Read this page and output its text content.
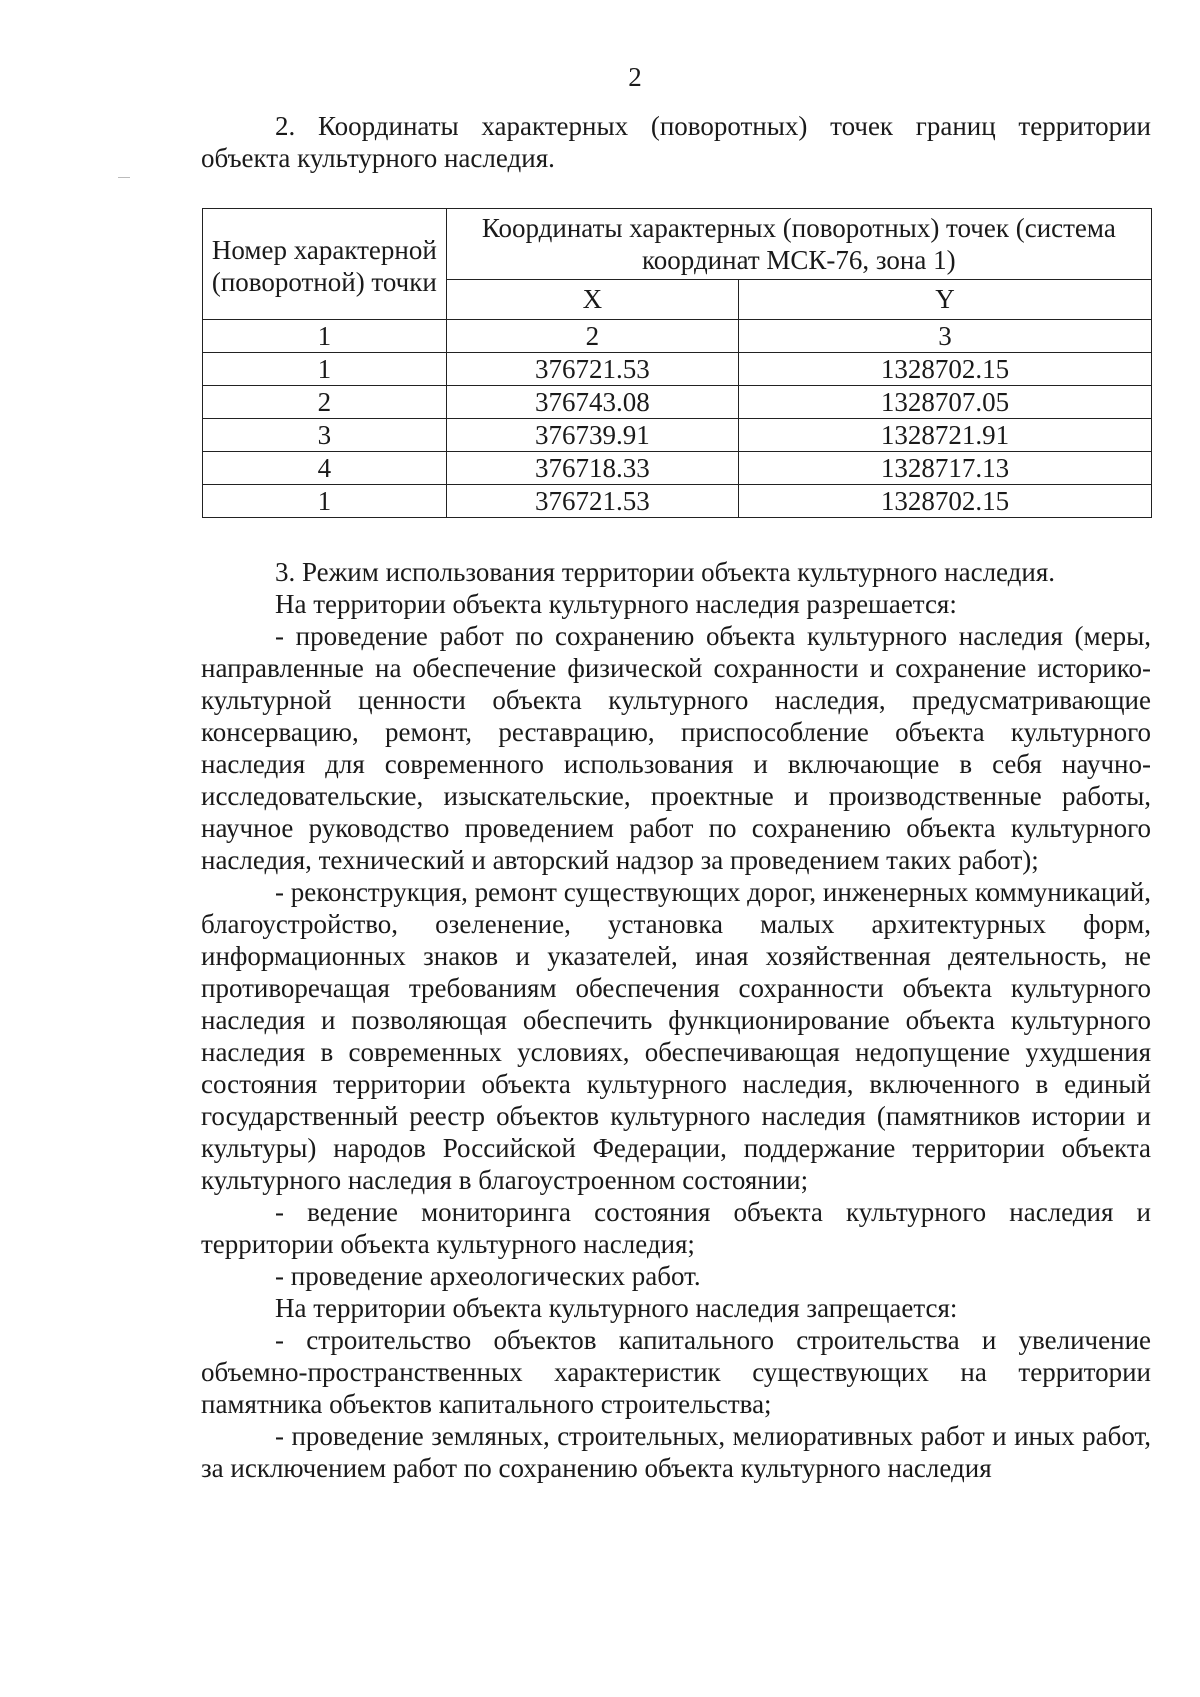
2

2. Координаты характерных (поворотных) точек границ территории объекта культурного наследия.

Номер характерной (поворотной) точки	Координаты характерных (поворотных) точек (система координат МСК-76, зона 1)	
	X	Y
1	2	3
1	376721.53	1328702.15
2	376743.08	1328707.05
3	376739.91	1328721.91
4	376718.33	1328717.13
1	376721.53	1328702.15

3. Режим использования территории объекта культурного наследия.

На территории объекта культурного наследия разрешается:

- проведение работ по сохранению объекта культурного наследия (меры, направленные на обеспечение физической сохранности и сохранение историко-культурной ценности объекта культурного наследия, предусматривающие консервацию, ремонт, реставрацию, приспособление объекта культурного наследия для современного использования и включающие в себя научно-исследовательские, изыскательские, проектные и производственные работы, научное руководство проведением работ по сохранению объекта культурного наследия, технический и авторский надзор за проведением таких работ);

- реконструкция, ремонт существующих дорог, инженерных коммуникаций, благоустройство, озеленение, установка малых архитектурных форм, информационных знаков и указателей, иная хозяйственная деятельность, не противоречащая требованиям обеспечения сохранности объекта культурного наследия и позволяющая обеспечить функционирование объекта культурного наследия в современных условиях, обеспечивающая недопущение ухудшения состояния территории объекта культурного наследия, включенного в единый государственный реестр объектов культурного наследия (памятников истории и культуры) народов Российской Федерации, поддержание территории объекта культурного наследия в благоустроенном состоянии;

- ведение мониторинга состояния объекта культурного наследия и территории объекта культурного наследия;

- проведение археологических работ.

На территории объекта культурного наследия запрещается:

- строительство объектов капитального строительства и увеличение объемно-пространственных характеристик существующих на территории памятника объектов капитального строительства;

- проведение земляных, строительных, мелиоративных работ и иных работ, за исключением работ по сохранению объекта культурного наследия
